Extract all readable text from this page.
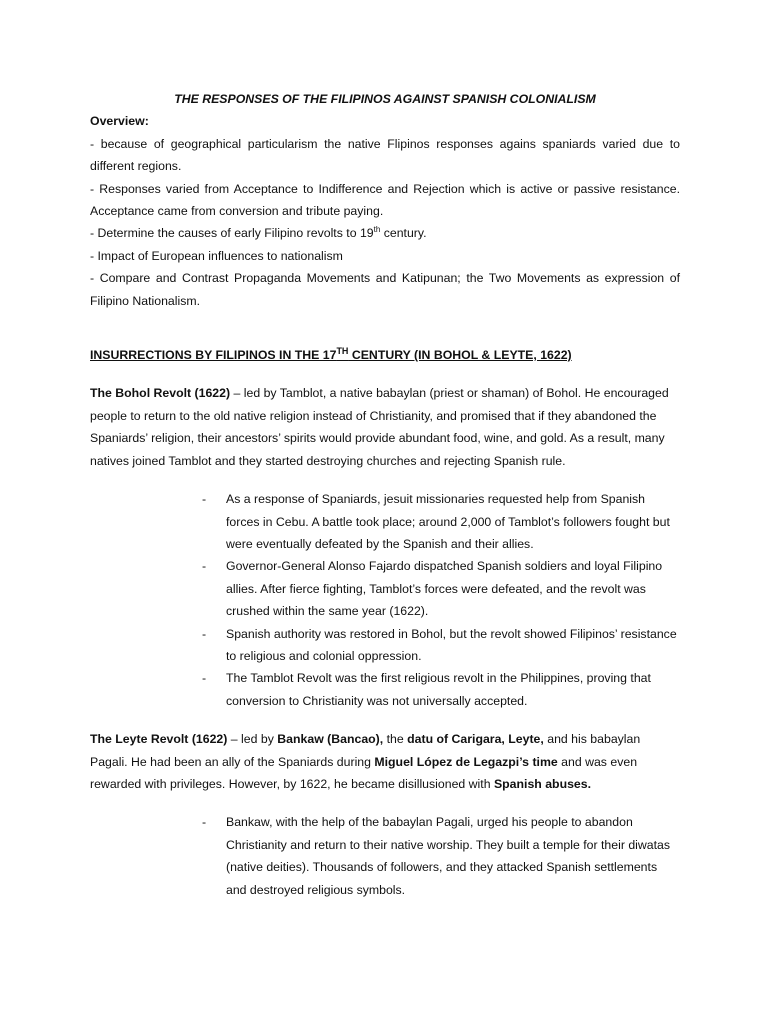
THE RESPONSES OF THE FILIPINOS AGAINST SPANISH COLONIALISM

Overview:

- because of geographical particularism the native Flipinos responses agains spaniards varied due to different regions.

- Responses varied from Acceptance to Indifference and Rejection which is active or passive resistance. Acceptance came from conversion and tribute paying.

- Determine the causes of early Filipino revolts to 19th century.

- Impact of European influences to nationalism

- Compare and Contrast Propaganda Movements and Katipunan; the Two Movements as expression of Filipino Nationalism.

INSURRECTIONS BY FILIPINOS IN THE 17TH CENTURY (IN BOHOL & LEYTE, 1622)

The Bohol Revolt (1622) – led by Tamblot, a native babaylan (priest or shaman) of Bohol. He encouraged people to return to the old native religion instead of Christianity, and promised that if they abandoned the Spaniards’ religion, their ancestors’ spirits would provide abundant food, wine, and gold. As a result, many natives joined Tamblot and they started destroying churches and rejecting Spanish rule.

- As a response of Spaniards, jesuit missionaries requested help from Spanish forces in Cebu. A battle took place; around 2,000 of Tamblot’s followers fought but were eventually defeated by the Spanish and their allies.
- Governor-General Alonso Fajardo dispatched Spanish soldiers and loyal Filipino allies. After fierce fighting, Tamblot’s forces were defeated, and the revolt was crushed within the same year (1622).
- Spanish authority was restored in Bohol, but the revolt showed Filipinos’ resistance to religious and colonial oppression.
- The Tamblot Revolt was the first religious revolt in the Philippines, proving that conversion to Christianity was not universally accepted.

The Leyte Revolt (1622) – led by Bankaw (Bancao), the datu of Carigara, Leyte, and his babaylan Pagali. He had been an ally of the Spaniards during Miguel López de Legazpi’s time and was even rewarded with privileges. However, by 1622, he became disillusioned with Spanish abuses.

- Bankaw, with the help of the babaylan Pagali, urged his people to abandon Christianity and return to their native worship. They built a temple for their diwatas (native deities). Thousands of followers, and they attacked Spanish settlements and destroyed religious symbols.
